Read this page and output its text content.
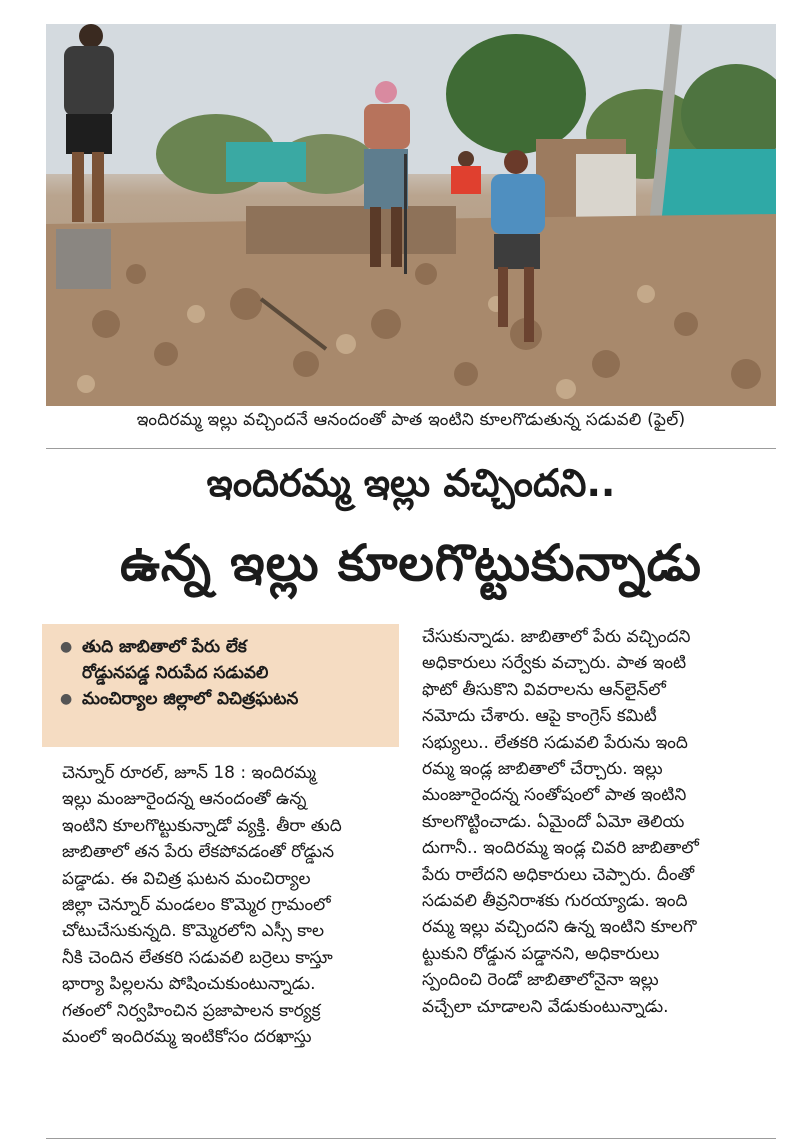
ఇందిరమ్మ ఇల్లు వచ్చిందనే ఆనందంతో పాత ఇంటిని కూలగొడుతున్న సడువలి (ఫైల్)
ఇందిరమ్మ ఇల్లు వచ్చిందని..
ఉన్న ఇల్లు కూలగొట్టుకున్నాడు
● తుది జాబితాలో పేరు లేక
రోడ్డునపడ్డ నిరుపేద సడువలి
● మంచిర్యాల జిల్లాలో విచిత్రఘటన
చెన్నూర్ రూరల్, జూన్ 18 : ఇందిరమ్మ
ఇల్లు మంజూరైందన్న ఆనందంతో ఉన్న
ఇంటిని కూలగొట్టుకున్నాడో వ్యక్తి. తీరా తుది
జాబితాలో తన పేరు లేకపోవడంతో రోడ్డున
పడ్డాడు. ఈ విచిత్ర ఘటన మంచిర్యాల
జిల్లా చెన్నూర్ మండలం కొమ్మెర గ్రామంలో
చోటుచేసుకున్నది. కొమ్మెరలోని ఎస్సీ కాల
నీకి చెందిన లేతకరి సడువలి బర్రెలు కాస్తూ
భార్యా పిల్లలను పోషించుకుంటున్నాడు.
గతంలో నిర్వహించిన ప్రజాపాలన కార్యక్ర
మంలో ఇందిరమ్మ ఇంటికోసం దరఖాస్తు
చేసుకున్నాడు. జాబితాలో పేరు వచ్చిందని
అధికారులు సర్వేకు వచ్చారు. పాత ఇంటి
ఫొటో తీసుకొని వివరాలను ఆన్‌లైన్‌లో
నమోదు చేశారు. ఆపై కాంగ్రెస్ కమిటీ
సభ్యులు.. లేతకరి సడువలి పేరును ఇంది
రమ్మ ఇండ్ల జాబితాలో చేర్చారు. ఇల్లు
మంజూరైందన్న సంతోషంలో పాత ఇంటిని
కూలగొట్టించాడు. ఏమైందో ఏమో తెలియ
దుగానీ.. ఇందిరమ్మ ఇండ్ల చివరి జాబితాలో
పేరు రాలేదని అధికారులు చెప్పారు. దీంతో
సడువలి తీవ్రనిరాశకు గురయ్యాడు. ఇంది
రమ్మ ఇల్లు వచ్చిందని ఉన్న ఇంటిని కూలగొ
ట్టుకుని రోడ్డున పడ్డానని, అధికారులు
స్పందించి రెండో జాబితాలోనైనా ఇల్లు
వచ్చేలా చూడాలని వేడుకుంటున్నాడు.
